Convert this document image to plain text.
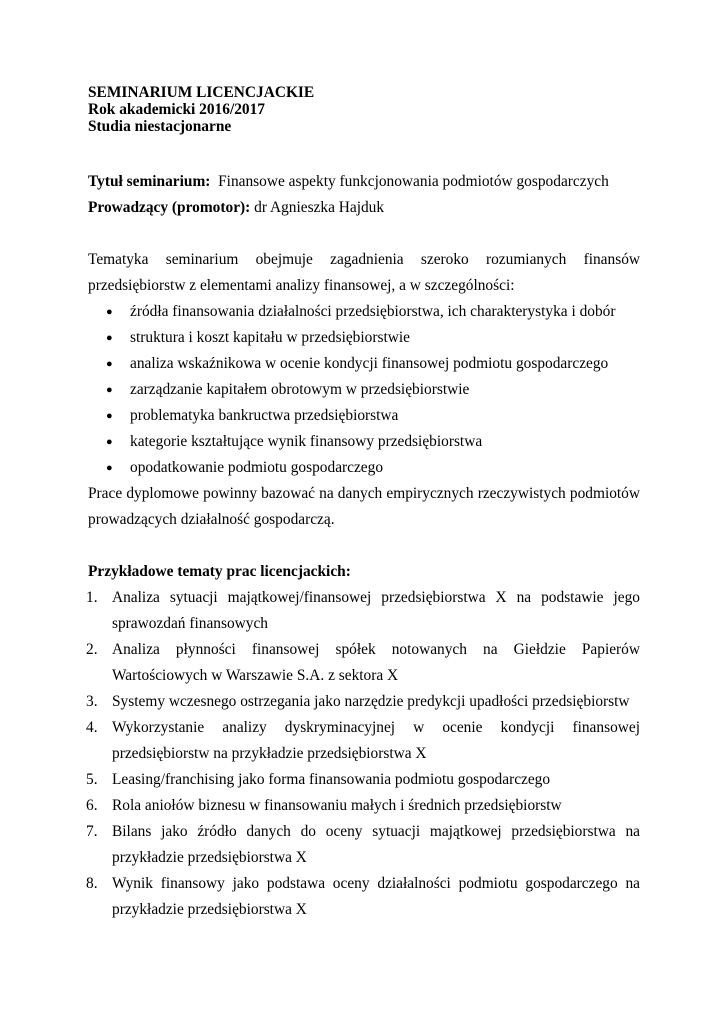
SEMINARIUM LICENCJACKIE

Rok akademicki 2016/2017

Studia niestacjonarne

Tytuł seminarium: Finansowe aspekty funkcjonowania podmiotów gospodarczych

Prowadzący (promotor): dr Agnieszka Hajduk

Tematyka seminarium obejmuje zagadnienia szeroko rozumianych finansów przedsiębiorstw z elementami analizy finansowej, a w szczególności:

● źródła finansowania działalności przedsiębiorstwa, ich charakterystyka i dobór
● struktura i koszt kapitału w przedsiębiorstwie
● analiza wskaźnikowa w ocenie kondycji finansowej podmiotu gospodarczego
● zarządzanie kapitałem obrotowym w przedsiębiorstwie
● problematyka bankructwa przedsiębiorstwa
● kategorie kształtujące wynik finansowy przedsiębiorstwa
● opodatkowanie podmiotu gospodarczego

Prace dyplomowe powinny bazować na danych empirycznych rzeczywistych podmiotów prowadzących działalność gospodarczą.

Przykładowe tematy prac licencjackich:

1. Analiza sytuacji majątkowej/finansowej przedsiębiorstwa X na podstawie jego sprawozdań finansowych
2. Analiza płynności finansowej spółek notowanych na Giełdzie Papierów Wartościowych w Warszawie S.A. z sektora X
3. Systemy wczesnego ostrzegania jako narzędzie predykcji upadłości przedsiębiorstw
4. Wykorzystanie analizy dyskryminacyjnej w ocenie kondycji finansowej przedsiębiorstw na przykładzie przedsiębiorstwa X
5. Leasing/franchising jako forma finansowania podmiotu gospodarczego
6. Rola aniołów biznesu w finansowaniu małych i średnich przedsiębiorstw
7. Bilans jako źródło danych do oceny sytuacji majątkowej przedsiębiorstwa na przykładzie przedsiębiorstwa X
8. Wynik finansowy jako podstawa oceny działalności podmiotu gospodarczego na przykładzie przedsiębiorstwa X
